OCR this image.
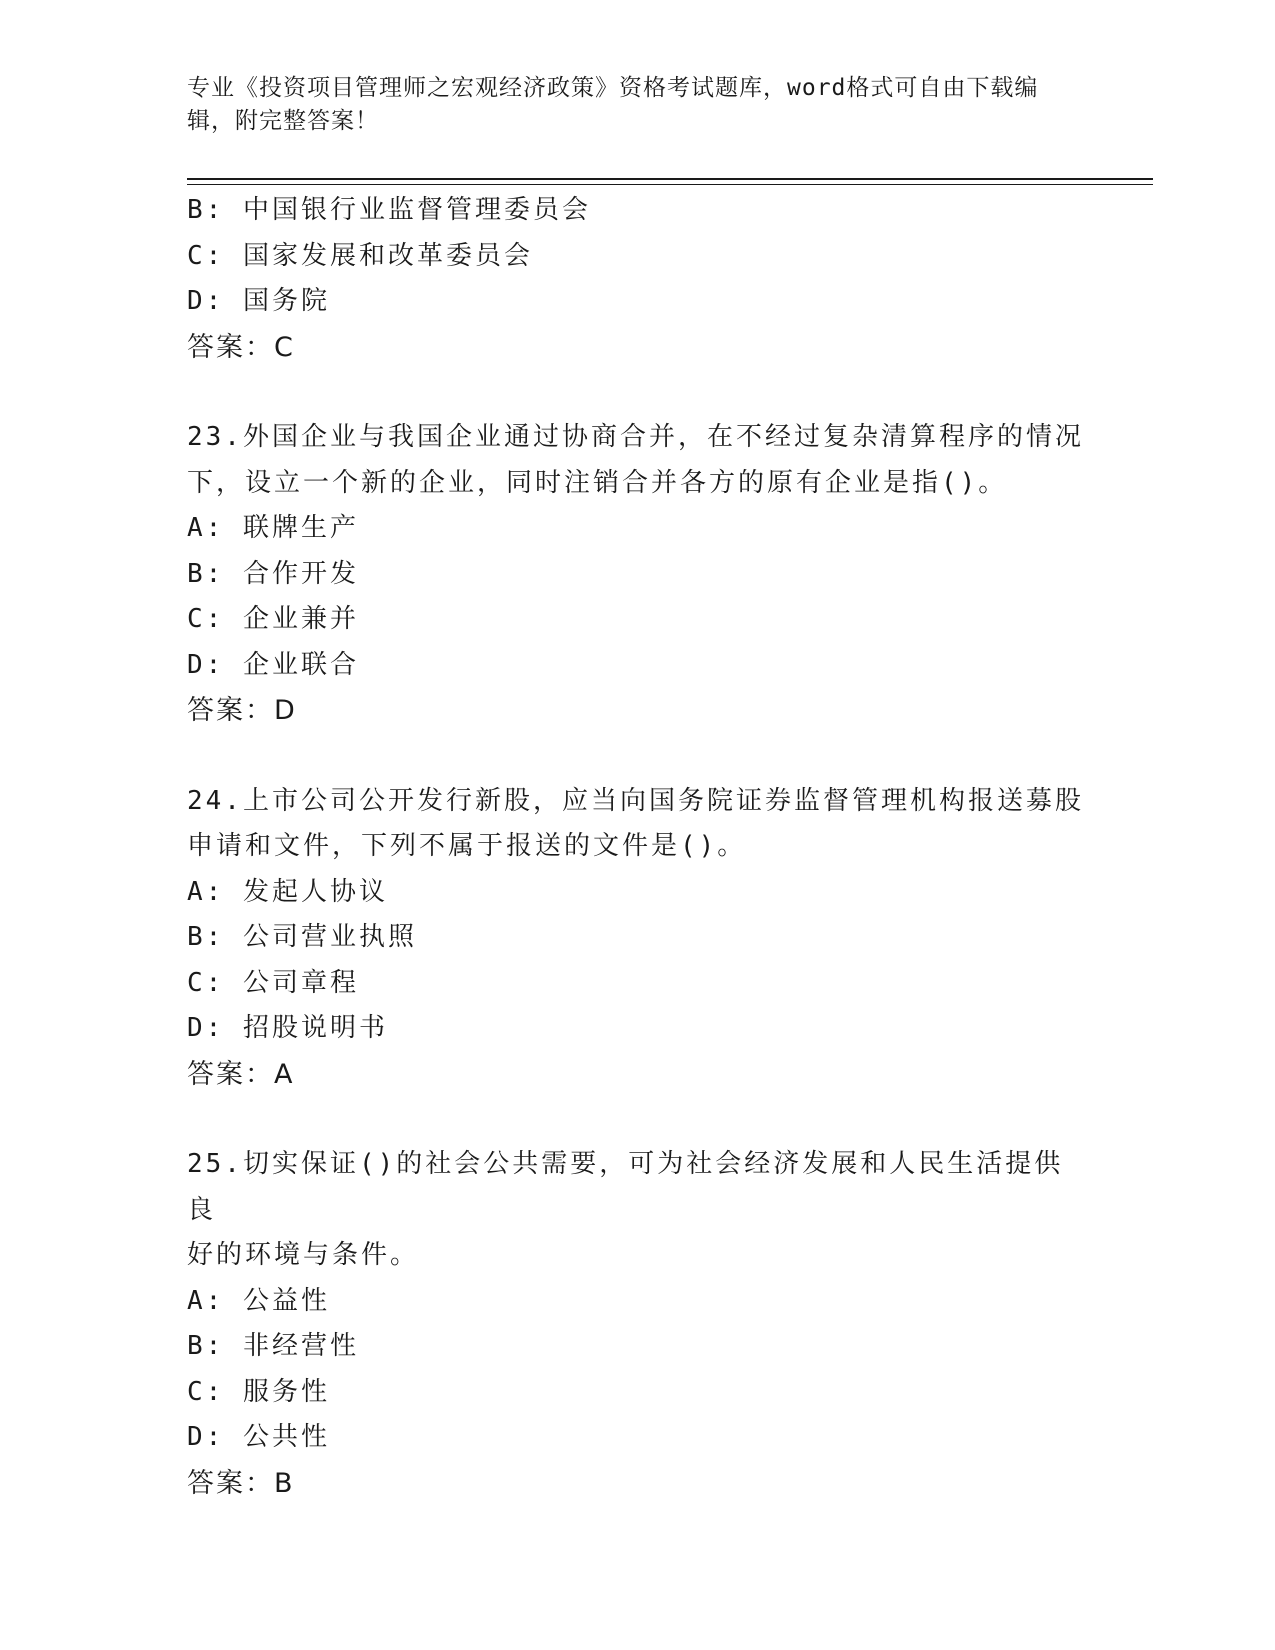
专业《投资项目管理师之宏观经济政策》资格考试题库，word格式可自由下载编
辑，附完整答案！
B: 中国银行业监督管理委员会
C: 国家发展和改革委员会
D: 国务院
答案：C
23.外国企业与我国企业通过协商合并，在不经过复杂清算程序的情况
下，设立一个新的企业，同时注销合并各方的原有企业是指()。
A: 联牌生产
B: 合作开发
C: 企业兼并
D: 企业联合
答案：D
24.上市公司公开发行新股，应当向国务院证券监督管理机构报送募股
申请和文件，下列不属于报送的文件是()。
A: 发起人协议
B: 公司营业执照
C: 公司章程
D: 招股说明书
答案：A
25.切实保证()的社会公共需要，可为社会经济发展和人民生活提供良
好的环境与条件。
A: 公益性
B: 非经营性
C: 服务性
D: 公共性
答案：B
